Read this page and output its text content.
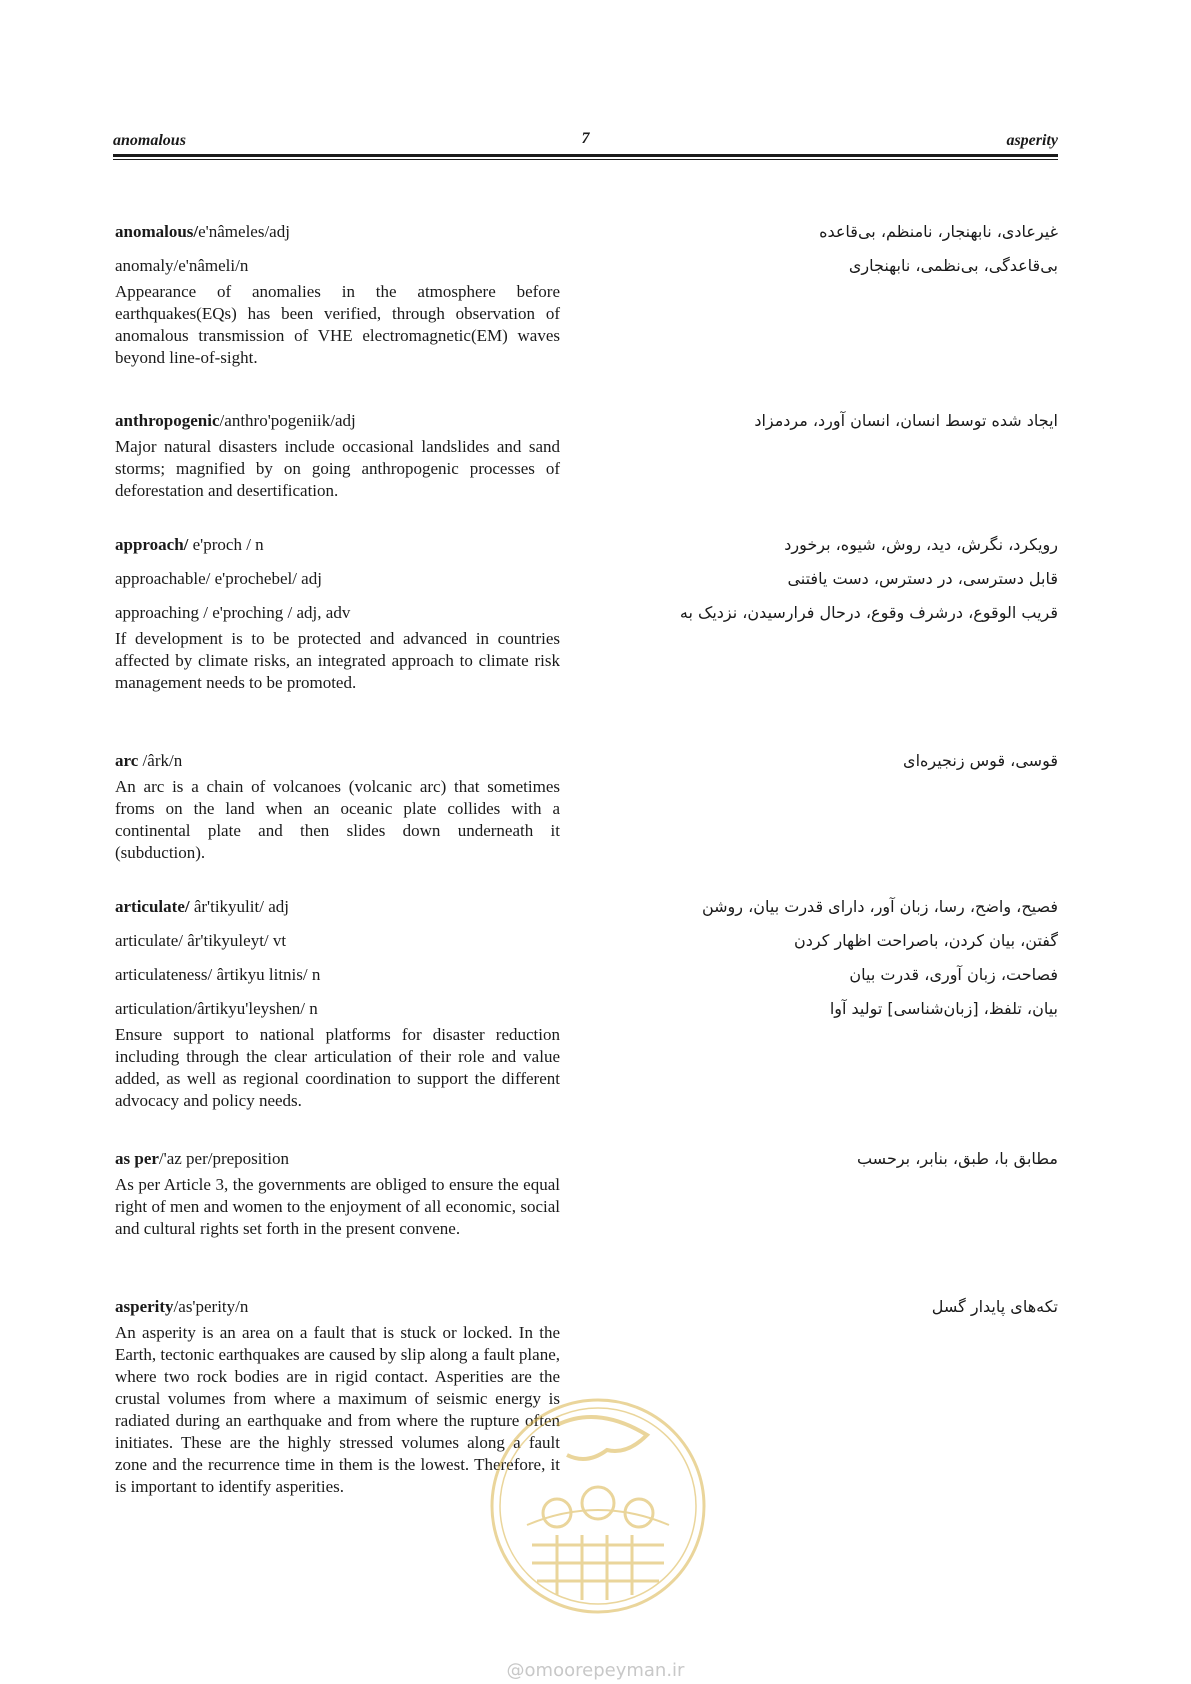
anomalous	7	asperity

anomalous/e'nâmeles/adj

anomaly/e'nâmeli/n

Appearance of anomalies in the atmosphere before earthquakes(EQs) has been verified, through observation of anomalous transmission of VHE electromagnetic(EM) waves beyond line-of-sight.

غیرعادی، نابهنجار، نامنظم، بی‌قاعده

بی‌قاعدگی، بی‌نظمی، نابهنجاری

anthropogenic/anthro'pogeniik/adj

Major natural disasters include occasional landslides and sand storms; magnified by on going anthropogenic processes of deforestation and desertification.

ایجاد شده توسط انسان، انسان آورد، مردمزاد

approach/ e'proch / n

approachable/ e'prochebel/ adj

approaching / e'proching / adj, adv

If development is to be protected and advanced in countries affected by climate risks, an integrated approach to climate risk management needs to be promoted.

رویکرد، نگرش، دید، روش، شیوه، برخورد

قابل دسترسی، در دسترس، دست یافتنی

قریب الوقوع، درشرف وقوع، درحال فرارسیدن، نزدیک به

arc /ârk/n

An arc is a chain of volcanoes (volcanic arc) that sometimes froms on the land when an oceanic plate collides with a continental plate and then slides down underneath it (subduction).

قوسی، قوس زنجیره‌ای

articulate/ âr'tikyulit/ adj

articulate/ âr'tikyuleyt/ vt

articulateness/ ârtikyu litnis/ n

articulation/ârtikyu'leyshen/ n

Ensure support to national platforms for disaster reduction including through the clear articulation of their role and value added, as well as regional coordination to support the different advocacy and policy needs.

فصیح، واضح، رسا، زبان آور، دارای قدرت بیان، روشن

گفتن، بیان کردن، باصراحت اظهار کردن

فصاحت، زبان آوری، قدرت بیان

بیان، تلفظ، [زبان‌شناسی] تولید آوا

as per/'az per/preposition

As per Article 3, the governments are obliged to ensure the equal right of men and women to the enjoyment of all economic, social and cultural rights set forth in the present convene.

مطابق با، طبق، بنابر، برحسب

asperity/as'perity/n

An asperity is an area on a fault that is stuck or locked. In the Earth, tectonic earthquakes are caused by slip along a fault plane, where two rock bodies are in rigid contact. Asperities are the crustal volumes from where a maximum of seismic energy is radiated during an earthquake and from where the rupture often initiates. These are the highly stressed volumes along a fault zone and the recurrence time in them is the lowest. Therefore, it is important to identify asperities.

تکه‌های پایدار گسل

@omoorepeyman.ir
